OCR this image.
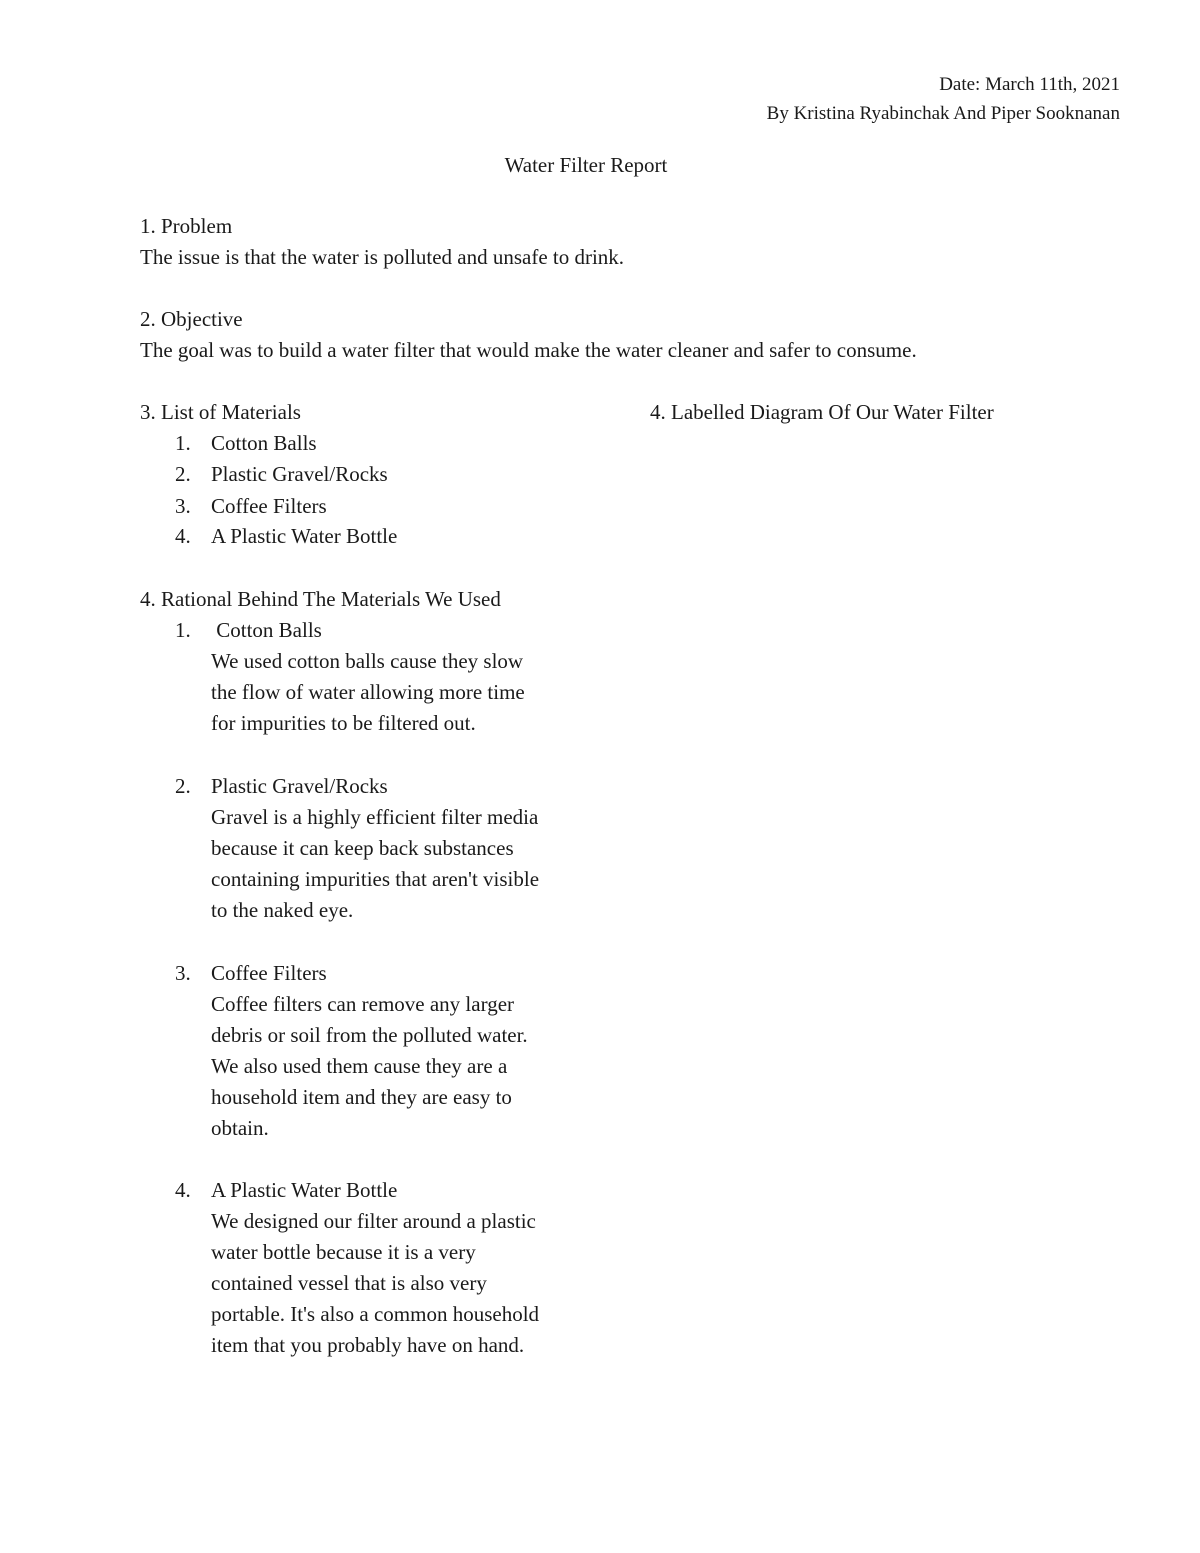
Date: March 11th, 2021
By Kristina Ryabinchak And Piper Sooknanan
Water Filter Report
1. Problem
The issue is that the water is polluted and unsafe to drink.
2. Objective
The goal was to build a water filter that would make the water cleaner and safer to consume.
3. List of Materials	4. Labelled Diagram Of Our Water Filter
1. Cotton Balls
2. Plastic Gravel/Rocks
3. Coffee Filters
4. A Plastic Water Bottle
4. Rational Behind The Materials We Used
1. Cotton Balls
We used cotton balls cause they slow
the flow of water allowing more time
for impurities to be filtered out.
2. Plastic Gravel/Rocks
Gravel is a highly efficient filter media
because it can keep back substances
containing impurities that aren't visible
to the naked eye.
3. Coffee Filters
Coffee filters can remove any larger
debris or soil from the polluted water.
We also used them cause they are a
household item and they are easy to
obtain.
4. A Plastic Water Bottle
We designed our filter around a plastic
water bottle because it is a very
contained vessel that is also very
portable. It's also a common household
item that you probably have on hand.
